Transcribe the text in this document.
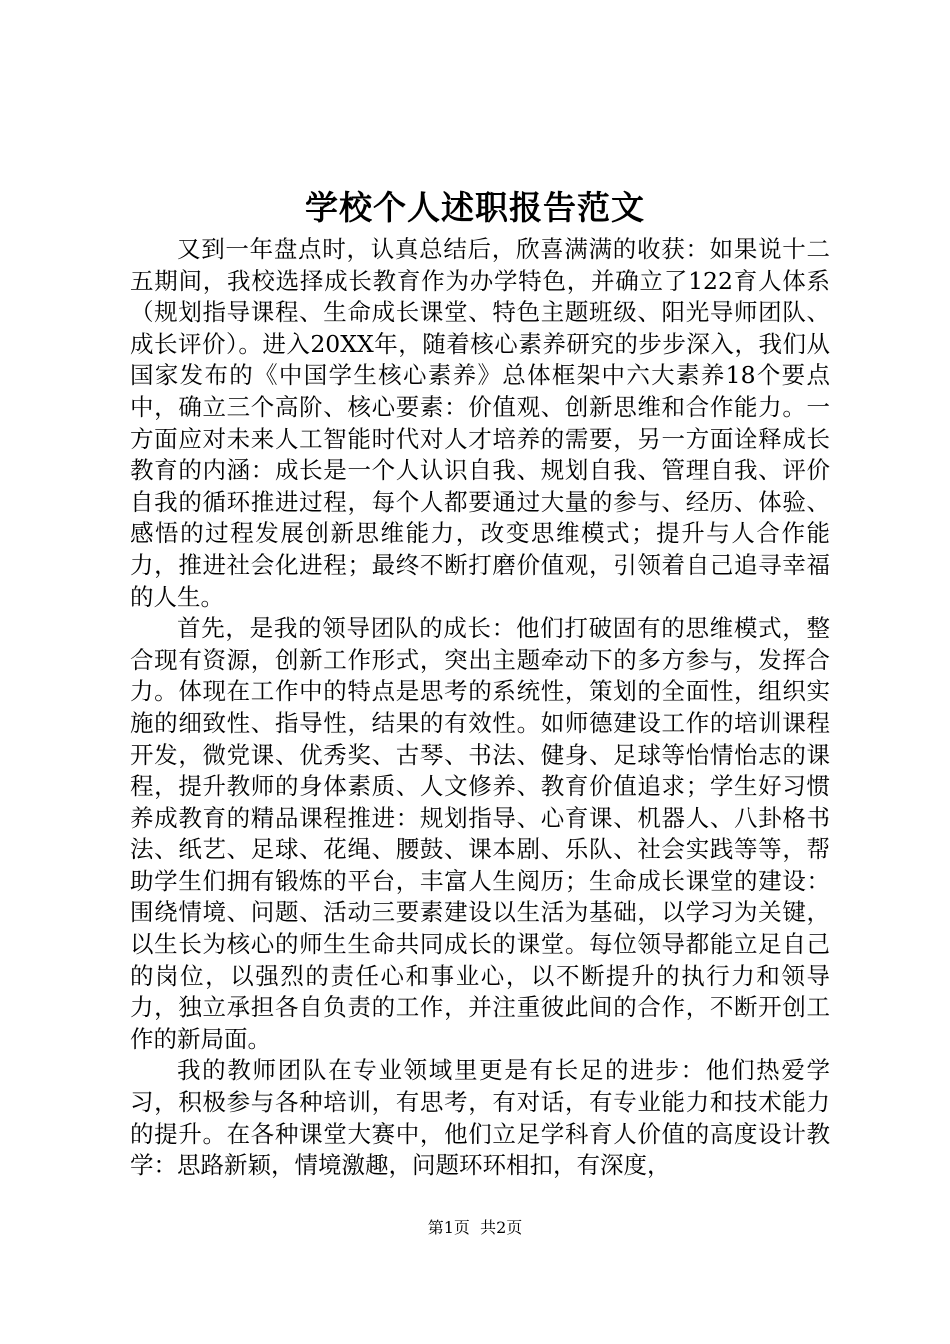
学校个人述职报告范文

又到一年盘点时，认真总结后，欣喜满满的收获：如果说十二五期间，我校选择成长教育作为办学特色，并确立了122育人体系（规划指导课程、生命成长课堂、特色主题班级、阳光导师团队、成长评价）。进入20XX年，随着核心素养研究的步步深入，我们从国家发布的《中国学生核心素养》总体框架中六大素养18个要点中，确立三个高阶、核心要素：价值观、创新思维和合作能力。一方面应对未来人工智能时代对人才培养的需要，另一方面诠释成长教育的内涵：成长是一个人认识自我、规划自我、管理自我、评价自我的循环推进过程，每个人都要通过大量的参与、经历、体验、感悟的过程发展创新思维能力，改变思维模式；提升与人合作能力，推进社会化进程；最终不断打磨价值观，引领着自己追寻幸福的人生。

首先，是我的领导团队的成长：他们打破固有的思维模式，整合现有资源，创新工作形式，突出主题牵动下的多方参与，发挥合力。体现在工作中的特点是思考的系统性，策划的全面性，组织实施的细致性、指导性，结果的有效性。如师德建设工作的培训课程开发，微党课、优秀奖、古琴、书法、健身、足球等怡情怡志的课程，提升教师的身体素质、人文修养、教育价值追求；学生好习惯养成教育的精品课程推进：规划指导、心育课、机器人、八卦格书法、纸艺、足球、花绳、腰鼓、课本剧、乐队、社会实践等等，帮助学生们拥有锻炼的平台，丰富人生阅历；生命成长课堂的建设：围绕情境、问题、活动三要素建设以生活为基础，以学习为关键，以生长为核心的师生生命共同成长的课堂。每位领导都能立足自己的岗位，以强烈的责任心和事业心，以不断提升的执行力和领导力，独立承担各自负责的工作，并注重彼此间的合作，不断开创工作的新局面。

我的教师团队在专业领域里更是有长足的进步：他们热爱学习，积极参与各种培训，有思考，有对话，有专业能力和技术能力的提升。在各种课堂大赛中，他们立足学科育人价值的高度设计教学：思路新颖，情境激趣，问题环环相扣，有深度，

第1页  共2页
